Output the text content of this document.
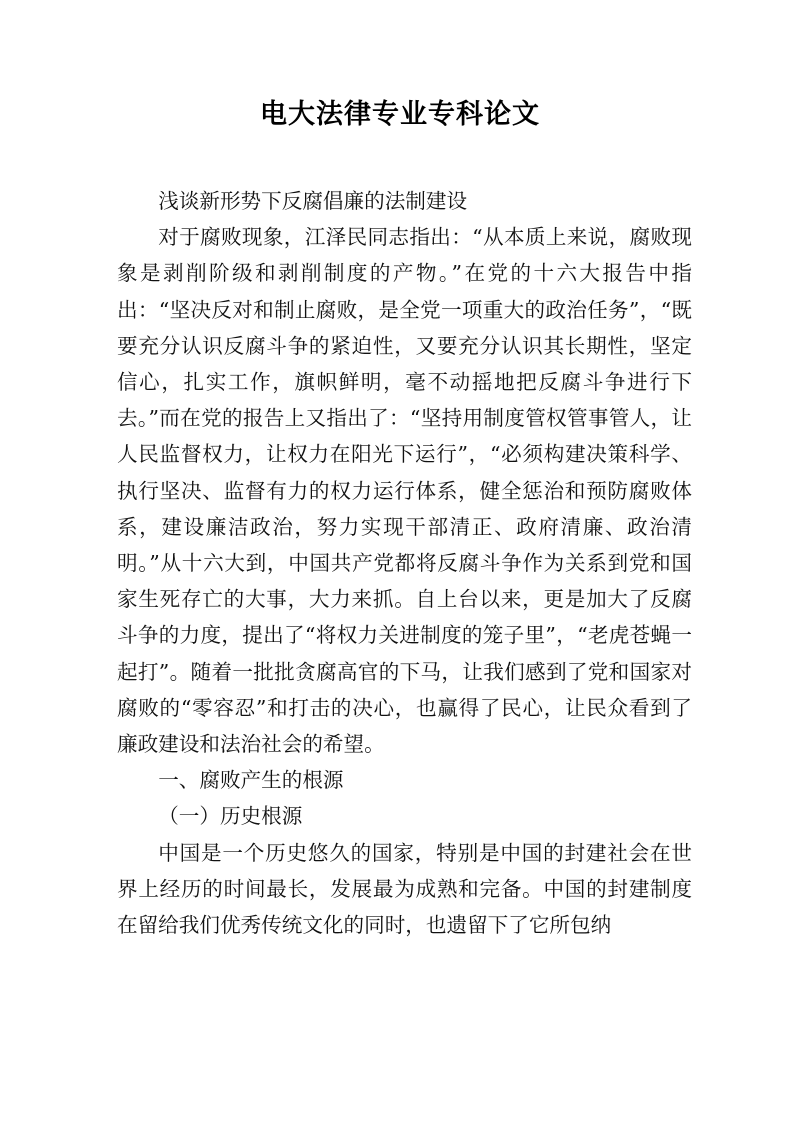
电大法律专业专科论文

浅谈新形势下反腐倡廉的法制建设

对于腐败现象，江泽民同志指出：“从本质上来说，腐败现象是剥削阶级和剥削制度的产物。”在党的十六大报告中指出：“坚决反对和制止腐败，是全党一项重大的政治任务”，“既要充分认识反腐斗争的紧迫性，又要充分认识其长期性，坚定信心，扎实工作，旗帜鲜明，毫不动摇地把反腐斗争进行下去。”而在党的报告上又指出了：“坚持用制度管权管事管人，让人民监督权力，让权力在阳光下运行”，“必须构建决策科学、执行坚决、监督有力的权力运行体系，健全惩治和预防腐败体系，建设廉洁政治，努力实现干部清正、政府清廉、政治清明。”从十六大到，中国共产党都将反腐斗争作为关系到党和国家生死存亡的大事，大力来抓。自上台以来，更是加大了反腐斗争的力度，提出了“将权力关进制度的笼子里”，“老虎苍蝇一起打”。随着一批批贪腐高官的下马，让我们感到了党和国家对腐败的“零容忍”和打击的决心，也赢得了民心，让民众看到了廉政建设和法治社会的希望。

一、腐败产生的根源

（一）历史根源

中国是一个历史悠久的国家，特别是中国的封建社会在世界上经历的时间最长，发展最为成熟和完备。中国的封建制度在留给我们优秀传统文化的同时，也遗留下了它所包纳
